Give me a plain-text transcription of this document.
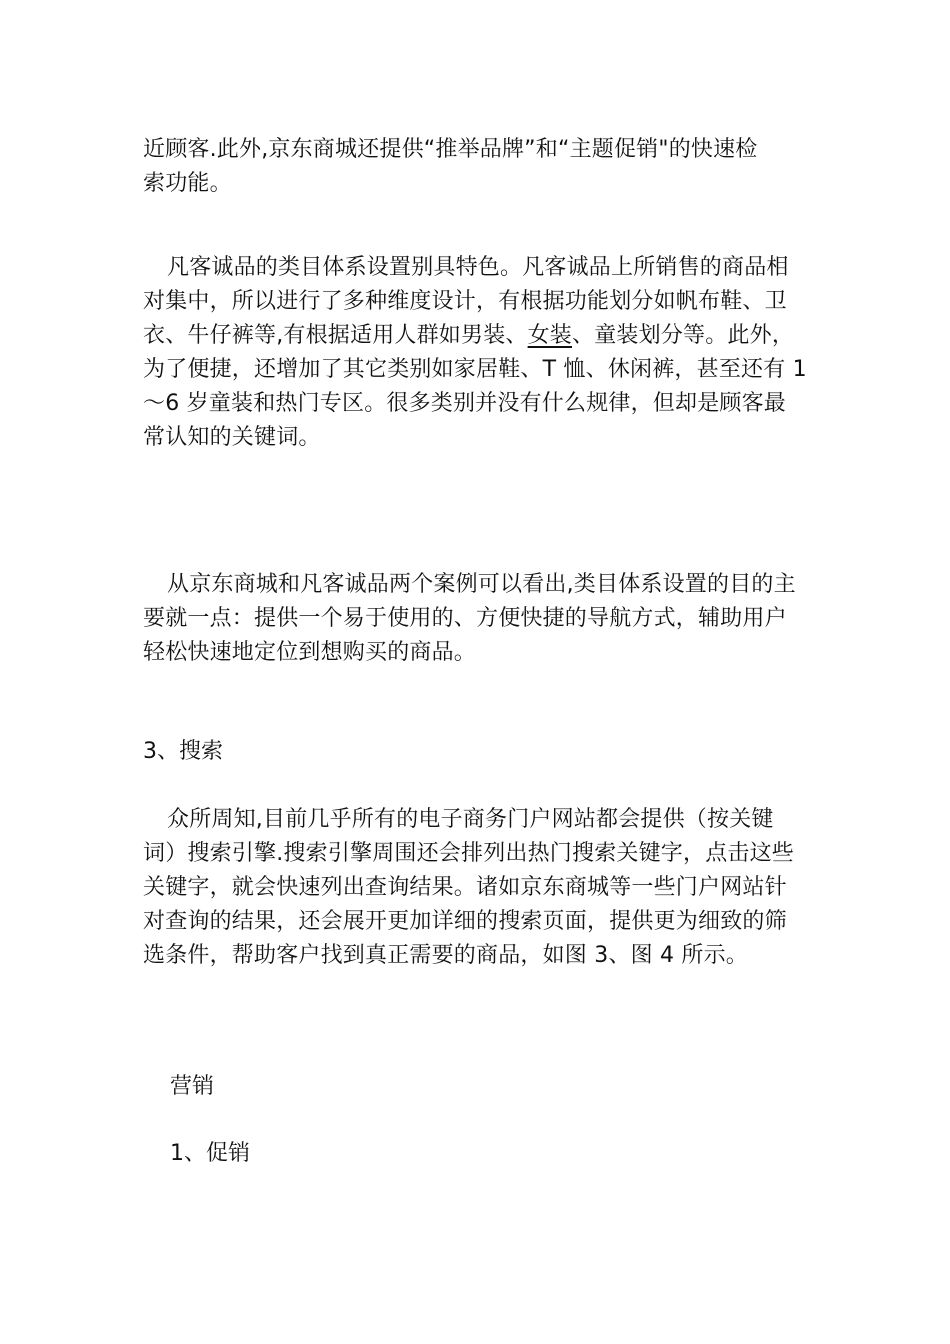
近顾客.此外,京东商城还提供“推举品牌”和“主题促销"的快速检
索功能。
凡客诚品的类目体系设置别具特色。凡客诚品上所销售的商品相
对集中，所以进行了多种维度设计，有根据功能划分如帆布鞋、卫
衣、牛仔裤等,有根据适用人群如男装、女装、童装划分等。此外，
为了便捷，还增加了其它类别如家居鞋、T 恤、休闲裤，甚至还有 1
～6 岁童装和热门专区。很多类别并没有什么规律，但却是顾客最
常认知的关键词。
从京东商城和凡客诚品两个案例可以看出,类目体系设置的目的主
要就一点：提供一个易于使用的、方便快捷的导航方式，辅助用户
轻松快速地定位到想购买的商品。
3、搜索
众所周知,目前几乎所有的电子商务门户网站都会提供（按关键
词）搜索引擎.搜索引擎周围还会排列出热门搜索关键字，点击这些
关键字，就会快速列出查询结果。诸如京东商城等一些门户网站针
对查询的结果，还会展开更加详细的搜索页面，提供更为细致的筛
选条件，帮助客户找到真正需要的商品，如图 3、图 4 所示。
营销
1、促销
